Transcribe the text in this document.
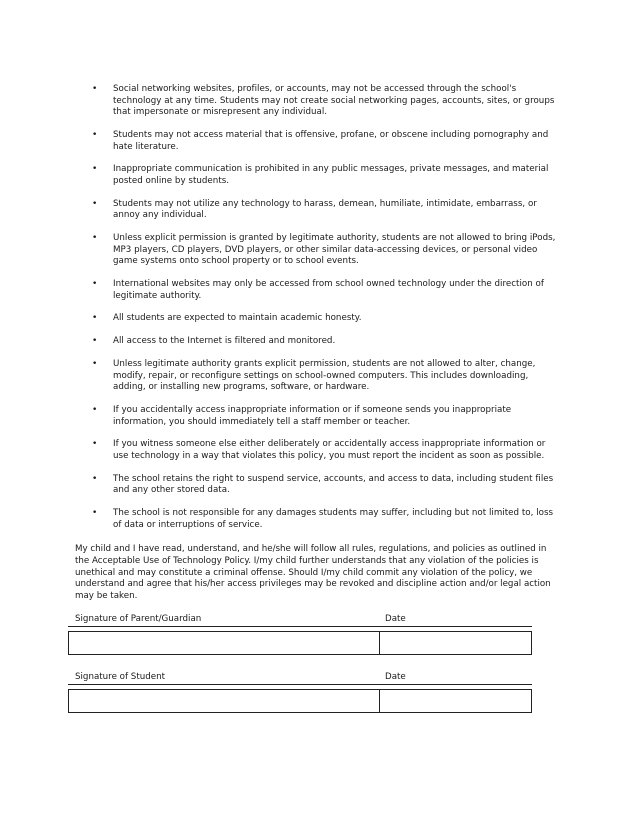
• Social networking websites, profiles, or accounts, may not be accessed through the school's technology at any time. Students may not create social networking pages, accounts, sites, or groups that impersonate or misrepresent any individual.
• Students may not access material that is offensive, profane, or obscene including pornography and hate literature.
• Inappropriate communication is prohibited in any public messages, private messages, and material posted online by students.
• Students may not utilize any technology to harass, demean, humiliate, intimidate, embarrass, or annoy any individual.
• Unless explicit permission is granted by legitimate authority, students are not allowed to bring iPods, MP3 players, CD players, DVD players, or other similar data-accessing devices, or personal video game systems onto school property or to school events.
• International websites may only be accessed from school owned technology under the direction of legitimate authority.
• All students are expected to maintain academic honesty.
• All access to the Internet is filtered and monitored.
• Unless legitimate authority grants explicit permission, students are not allowed to alter, change, modify, repair, or reconfigure settings on school-owned computers. This includes downloading, adding, or installing new programs, software, or hardware.
• If you accidentally access inappropriate information or if someone sends you inappropriate information, you should immediately tell a staff member or teacher.
• If you witness someone else either deliberately or accidentally access inappropriate information or use technology in a way that violates this policy, you must report the incident as soon as possible.
• The school retains the right to suspend service, accounts, and access to data, including student files and any other stored data.
• The school is not responsible for any damages students may suffer, including but not limited to, loss of data or interruptions of service.

My child and I have read, understand, and he/she will follow all rules, regulations, and policies as outlined in the Acceptable Use of Technology Policy. I/my child further understands that any violation of the policies is unethical and may constitute a criminal offense. Should I/my child commit any violation of the policy, we understand and agree that his/her access privileges may be revoked and discipline action and/or legal action may be taken.

Signature of Parent/Guardian	Date
Signature of Student	Date
